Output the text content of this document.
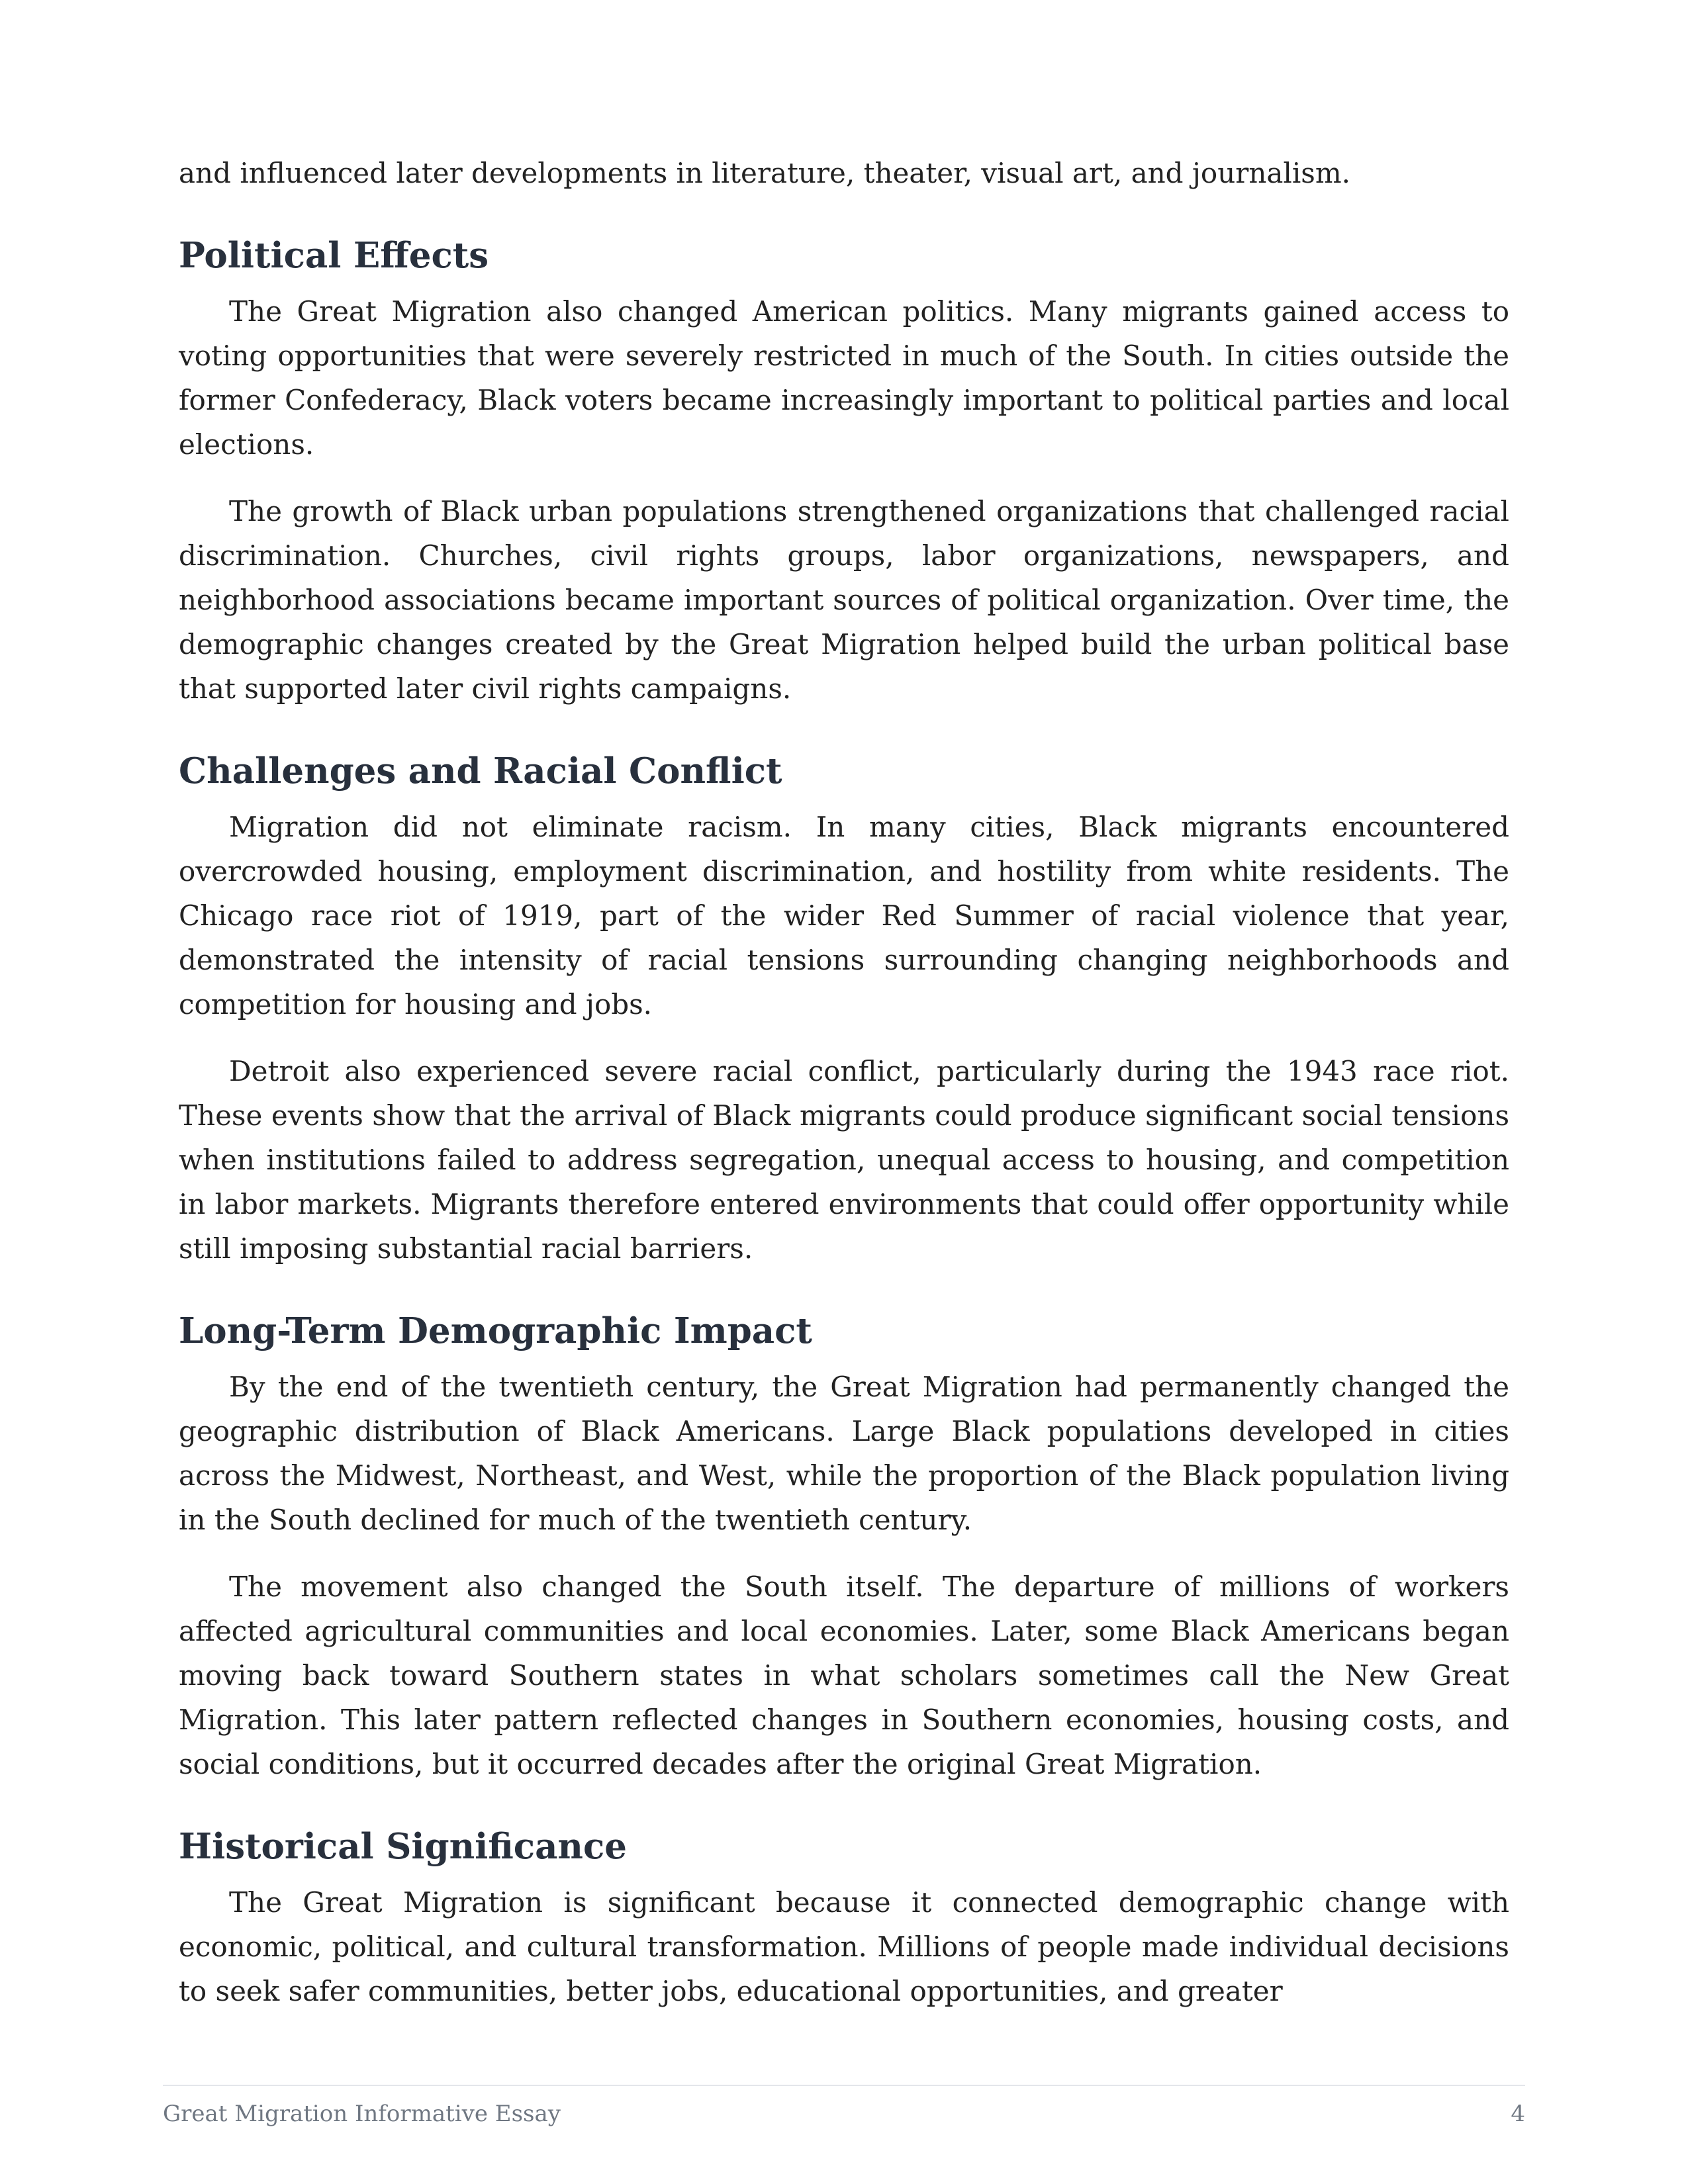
and influenced later developments in literature, theater, visual art, and journalism.

Political Effects

The Great Migration also changed American politics. Many migrants gained access to voting opportunities that were severely restricted in much of the South. In cities outside the former Confederacy, Black voters became increasingly important to political parties and local elections.

The growth of Black urban populations strengthened organizations that challenged racial discrimination. Churches, civil rights groups, labor organizations, newspapers, and neighborhood associations became important sources of political organization. Over time, the demographic changes created by the Great Migration helped build the urban political base that supported later civil rights campaigns.

Challenges and Racial Conflict

Migration did not eliminate racism. In many cities, Black migrants encountered overcrowded housing, employment discrimination, and hostility from white residents. The Chicago race riot of 1919, part of the wider Red Summer of racial violence that year, demonstrated the intensity of racial tensions surrounding changing neighborhoods and competition for housing and jobs.

Detroit also experienced severe racial conflict, particularly during the 1943 race riot. These events show that the arrival of Black migrants could produce significant social tensions when institutions failed to address segregation, unequal access to housing, and competition in labor markets. Migrants therefore entered environments that could offer opportunity while still imposing substantial racial barriers.

Long-Term Demographic Impact

By the end of the twentieth century, the Great Migration had permanently changed the geographic distribution of Black Americans. Large Black populations developed in cities across the Midwest, Northeast, and West, while the proportion of the Black population living in the South declined for much of the twentieth century.

The movement also changed the South itself. The departure of millions of workers affected agricultural communities and local economies. Later, some Black Americans began moving back toward Southern states in what scholars sometimes call the New Great Migration. This later pattern reflected changes in Southern economies, housing costs, and social conditions, but it occurred decades after the original Great Migration.

Historical Significance

The Great Migration is significant because it connected demographic change with economic, political, and cultural transformation. Millions of people made individual decisions to seek safer communities, better jobs, educational opportunities, and greater

Great Migration Informative Essay	4
